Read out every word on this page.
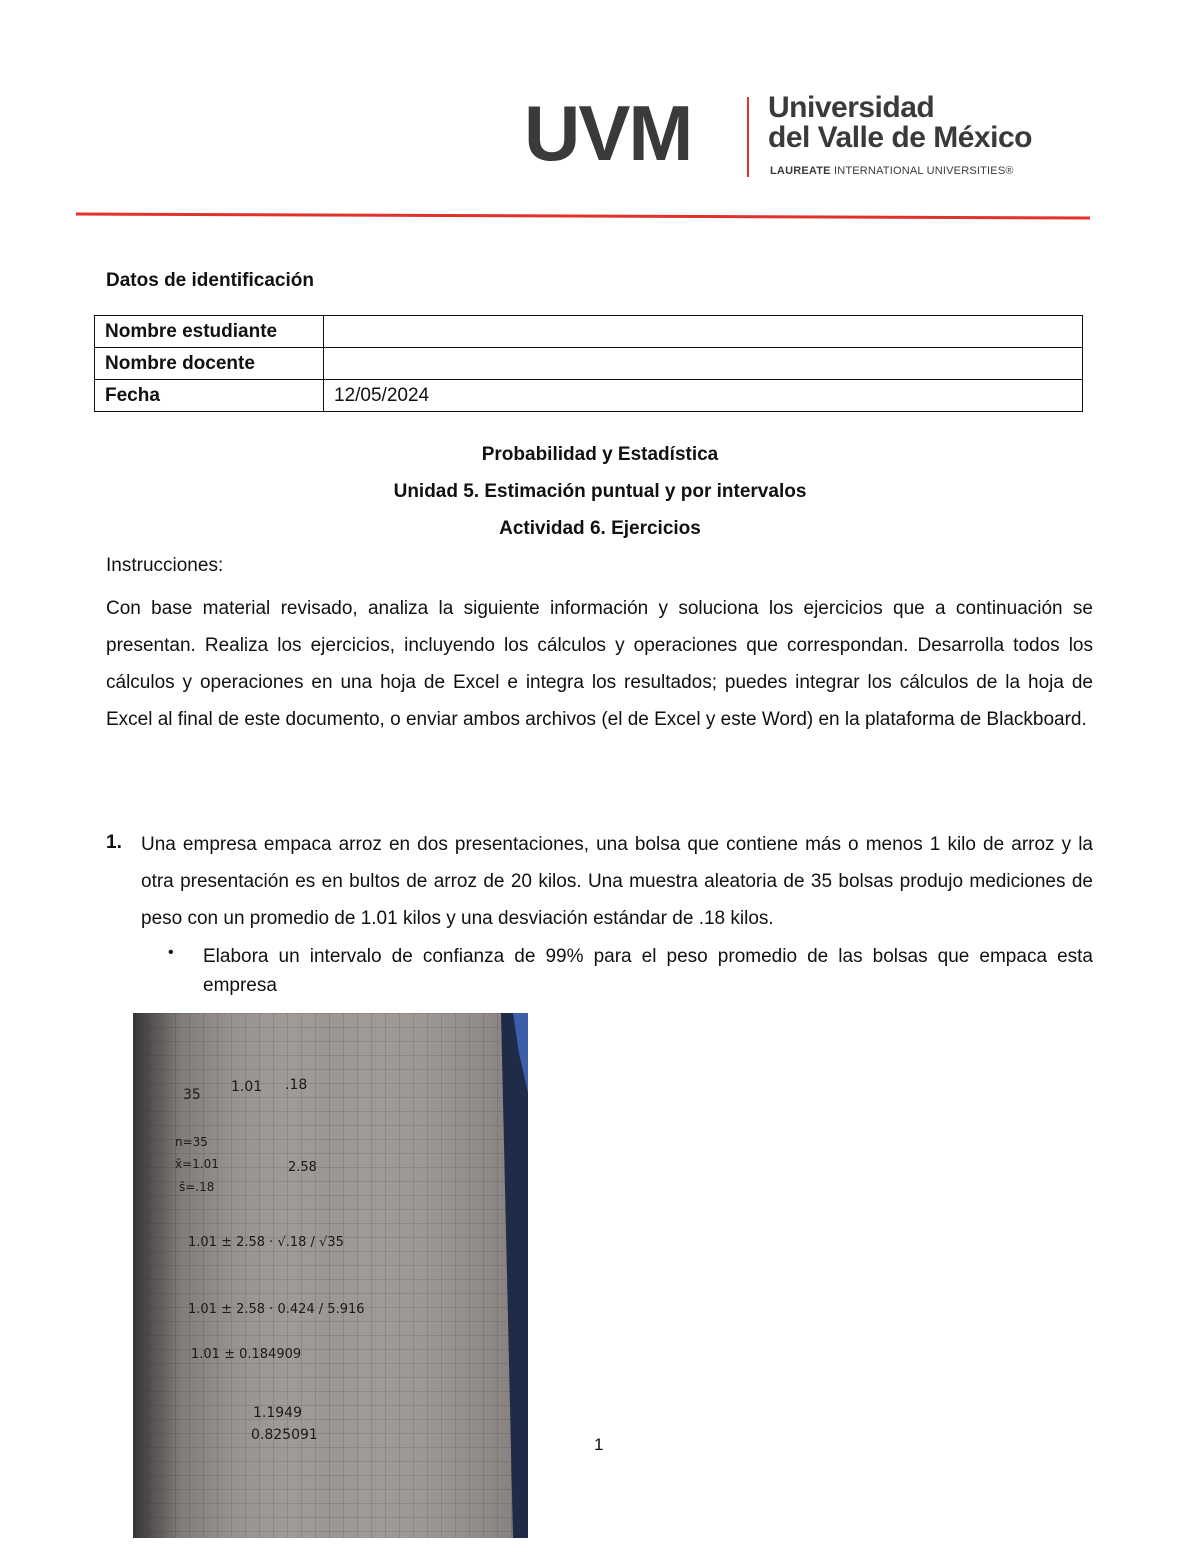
UVM	Universidad
del Valle de México
LAUREATE INTERNATIONAL UNIVERSITIES®
Datos de identificación
Nombre estudiante	
Nombre docente	
Fecha	12/05/2024
Probabilidad y Estadística
Unidad 5. Estimación puntual y por intervalos
Actividad 6. Ejercicios
Instrucciones:
Con base material revisado, analiza la siguiente información y soluciona los ejercicios que a continuación se presentan. Realiza los ejercicios, incluyendo los cálculos y operaciones que correspondan. Desarrolla todos los cálculos y operaciones en una hoja de Excel e integra los resultados; puedes integrar los cálculos de la hoja de Excel al final de este documento, o enviar ambos archivos (el de Excel y este Word) en la plataforma de Blackboard.
1. Una empresa empaca arroz en dos presentaciones, una bolsa que contiene más o menos 1 kilo de arroz y la otra presentación es en bultos de arroz de 20 kilos. Una muestra aleatoria de 35 bolsas produjo mediciones de peso con un promedio de 1.01 kilos y una desviación estándar de .18 kilos.
• Elabora un intervalo de confianza de 99% para el peso promedio de las bolsas que empaca esta empresa
35 1.01 .18
n=35
x̄=1.01
s̄=.18
2.58
1.01 ± 2.58 · √.18 / √35
1.01 ± 2.58 · 0.424 / 5.916
1.01 ± 0.184909
1.1949
0.825091	1
